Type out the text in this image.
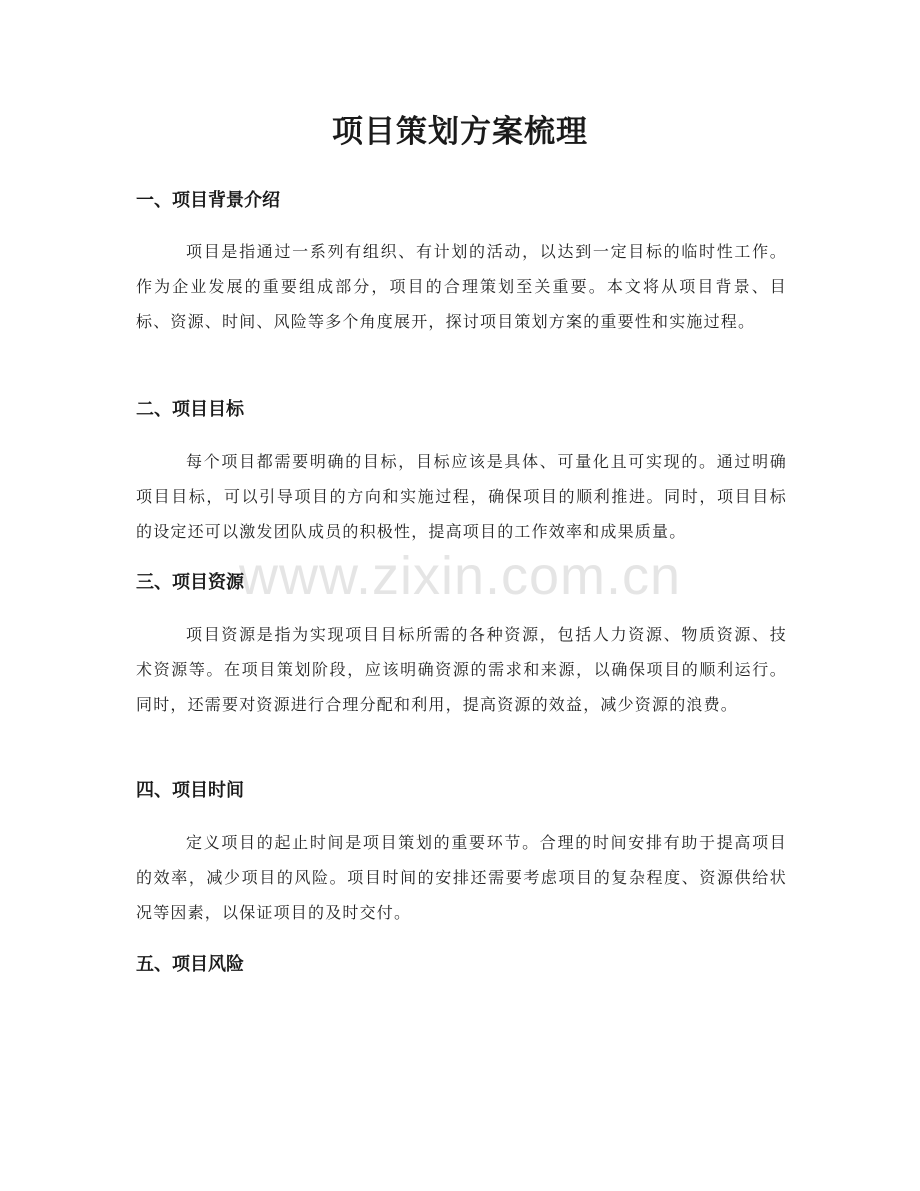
www.zixin.com.cn
项目策划方案梳理
一、项目背景介绍

项目是指通过一系列有组织、有计划的活动，以达到一定目标的临时性工作。作为企业发展的重要组成部分，项目的合理策划至关重要。本文将从项目背景、目标、资源、时间、风险等多个角度展开，探讨项目策划方案的重要性和实施过程。

二、项目目标

每个项目都需要明确的目标，目标应该是具体、可量化且可实现的。通过明确项目目标，可以引导项目的方向和实施过程，确保项目的顺利推进。同时，项目目标的设定还可以激发团队成员的积极性，提高项目的工作效率和成果质量。

三、项目资源

项目资源是指为实现项目目标所需的各种资源，包括人力资源、物质资源、技术资源等。在项目策划阶段，应该明确资源的需求和来源，以确保项目的顺利运行。同时，还需要对资源进行合理分配和利用，提高资源的效益，减少资源的浪费。

四、项目时间

定义项目的起止时间是项目策划的重要环节。合理的时间安排有助于提高项目的效率，减少项目的风险。项目时间的安排还需要考虑项目的复杂程度、资源供给状况等因素，以保证项目的及时交付。

五、项目风险
